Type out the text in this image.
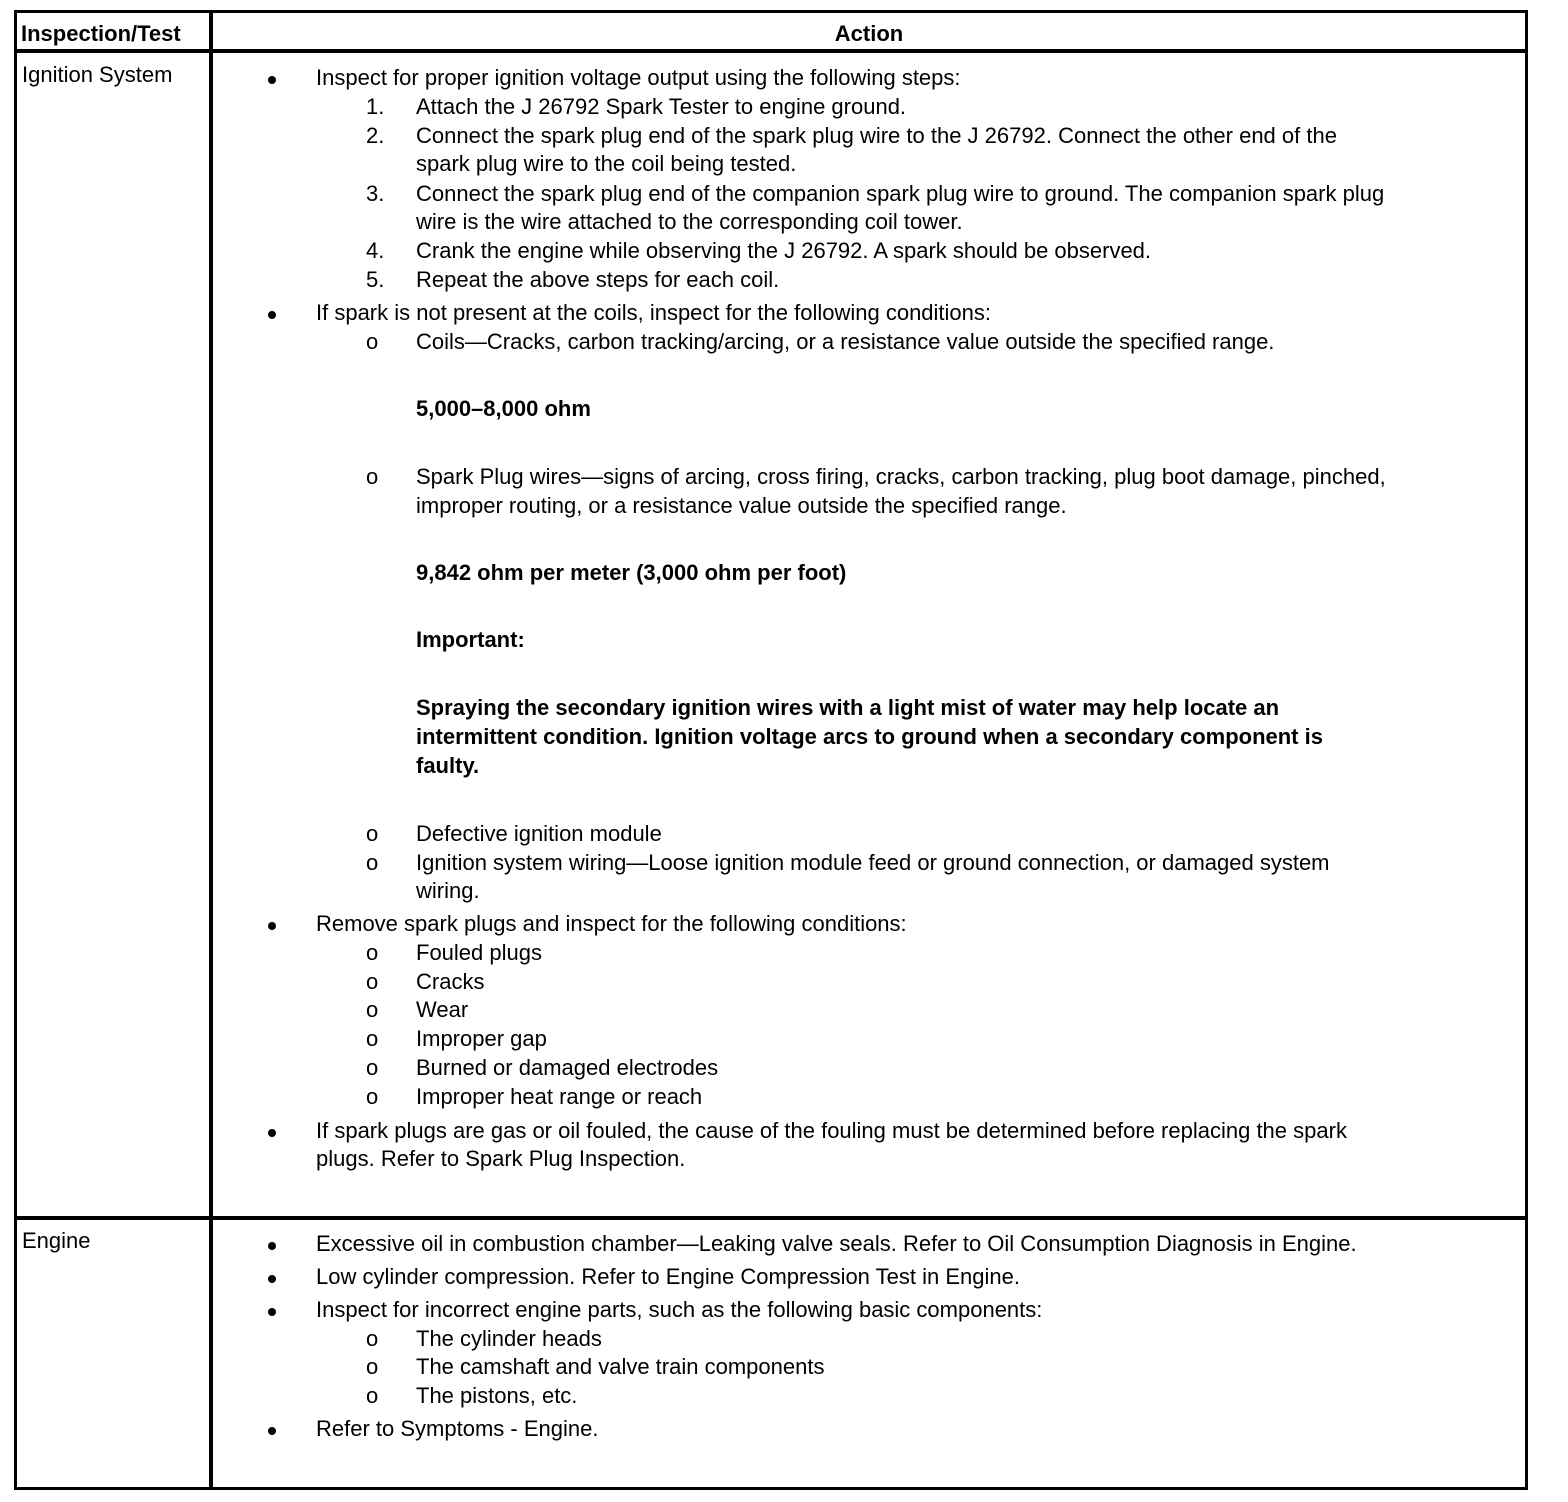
Inspection/Test	Action
Ignition System
Engine
Inspect for proper ignition voltage output using the following steps:
1. Attach the J 26792 Spark Tester to engine ground.
2. Connect the spark plug end of the spark plug wire to the J 26792. Connect the other end of the
spark plug wire to the coil being tested.
3. Connect the spark plug end of the companion spark plug wire to ground. The companion spark plug
wire is the wire attached to the corresponding coil tower.
4. Crank the engine while observing the J 26792. A spark should be observed.
5. Repeat the above steps for each coil.
If spark is not present at the coils, inspect for the following conditions:
o Coils—Cracks, carbon tracking/arcing, or a resistance value outside the specified range.
5,000–8,000 ohm
o Spark Plug wires—signs of arcing, cross firing, cracks, carbon tracking, plug boot damage, pinched,
improper routing, or a resistance value outside the specified range.
9,842 ohm per meter (3,000 ohm per foot)
Important:
Spraying the secondary ignition wires with a light mist of water may help locate an
intermittent condition. Ignition voltage arcs to ground when a secondary component is
faulty.
o Defective ignition module
o Ignition system wiring—Loose ignition module feed or ground connection, or damaged system
wiring.
Remove spark plugs and inspect for the following conditions:
o Fouled plugs
o Cracks
o Wear
o Improper gap
o Burned or damaged electrodes
o Improper heat range or reach
If spark plugs are gas or oil fouled, the cause of the fouling must be determined before replacing the spark
plugs. Refer to Spark Plug Inspection.
Excessive oil in combustion chamber—Leaking valve seals. Refer to Oil Consumption Diagnosis in Engine.
Low cylinder compression. Refer to Engine Compression Test in Engine.
Inspect for incorrect engine parts, such as the following basic components:
o The cylinder heads
o The camshaft and valve train components
o The pistons, etc.
Refer to Symptoms - Engine.
